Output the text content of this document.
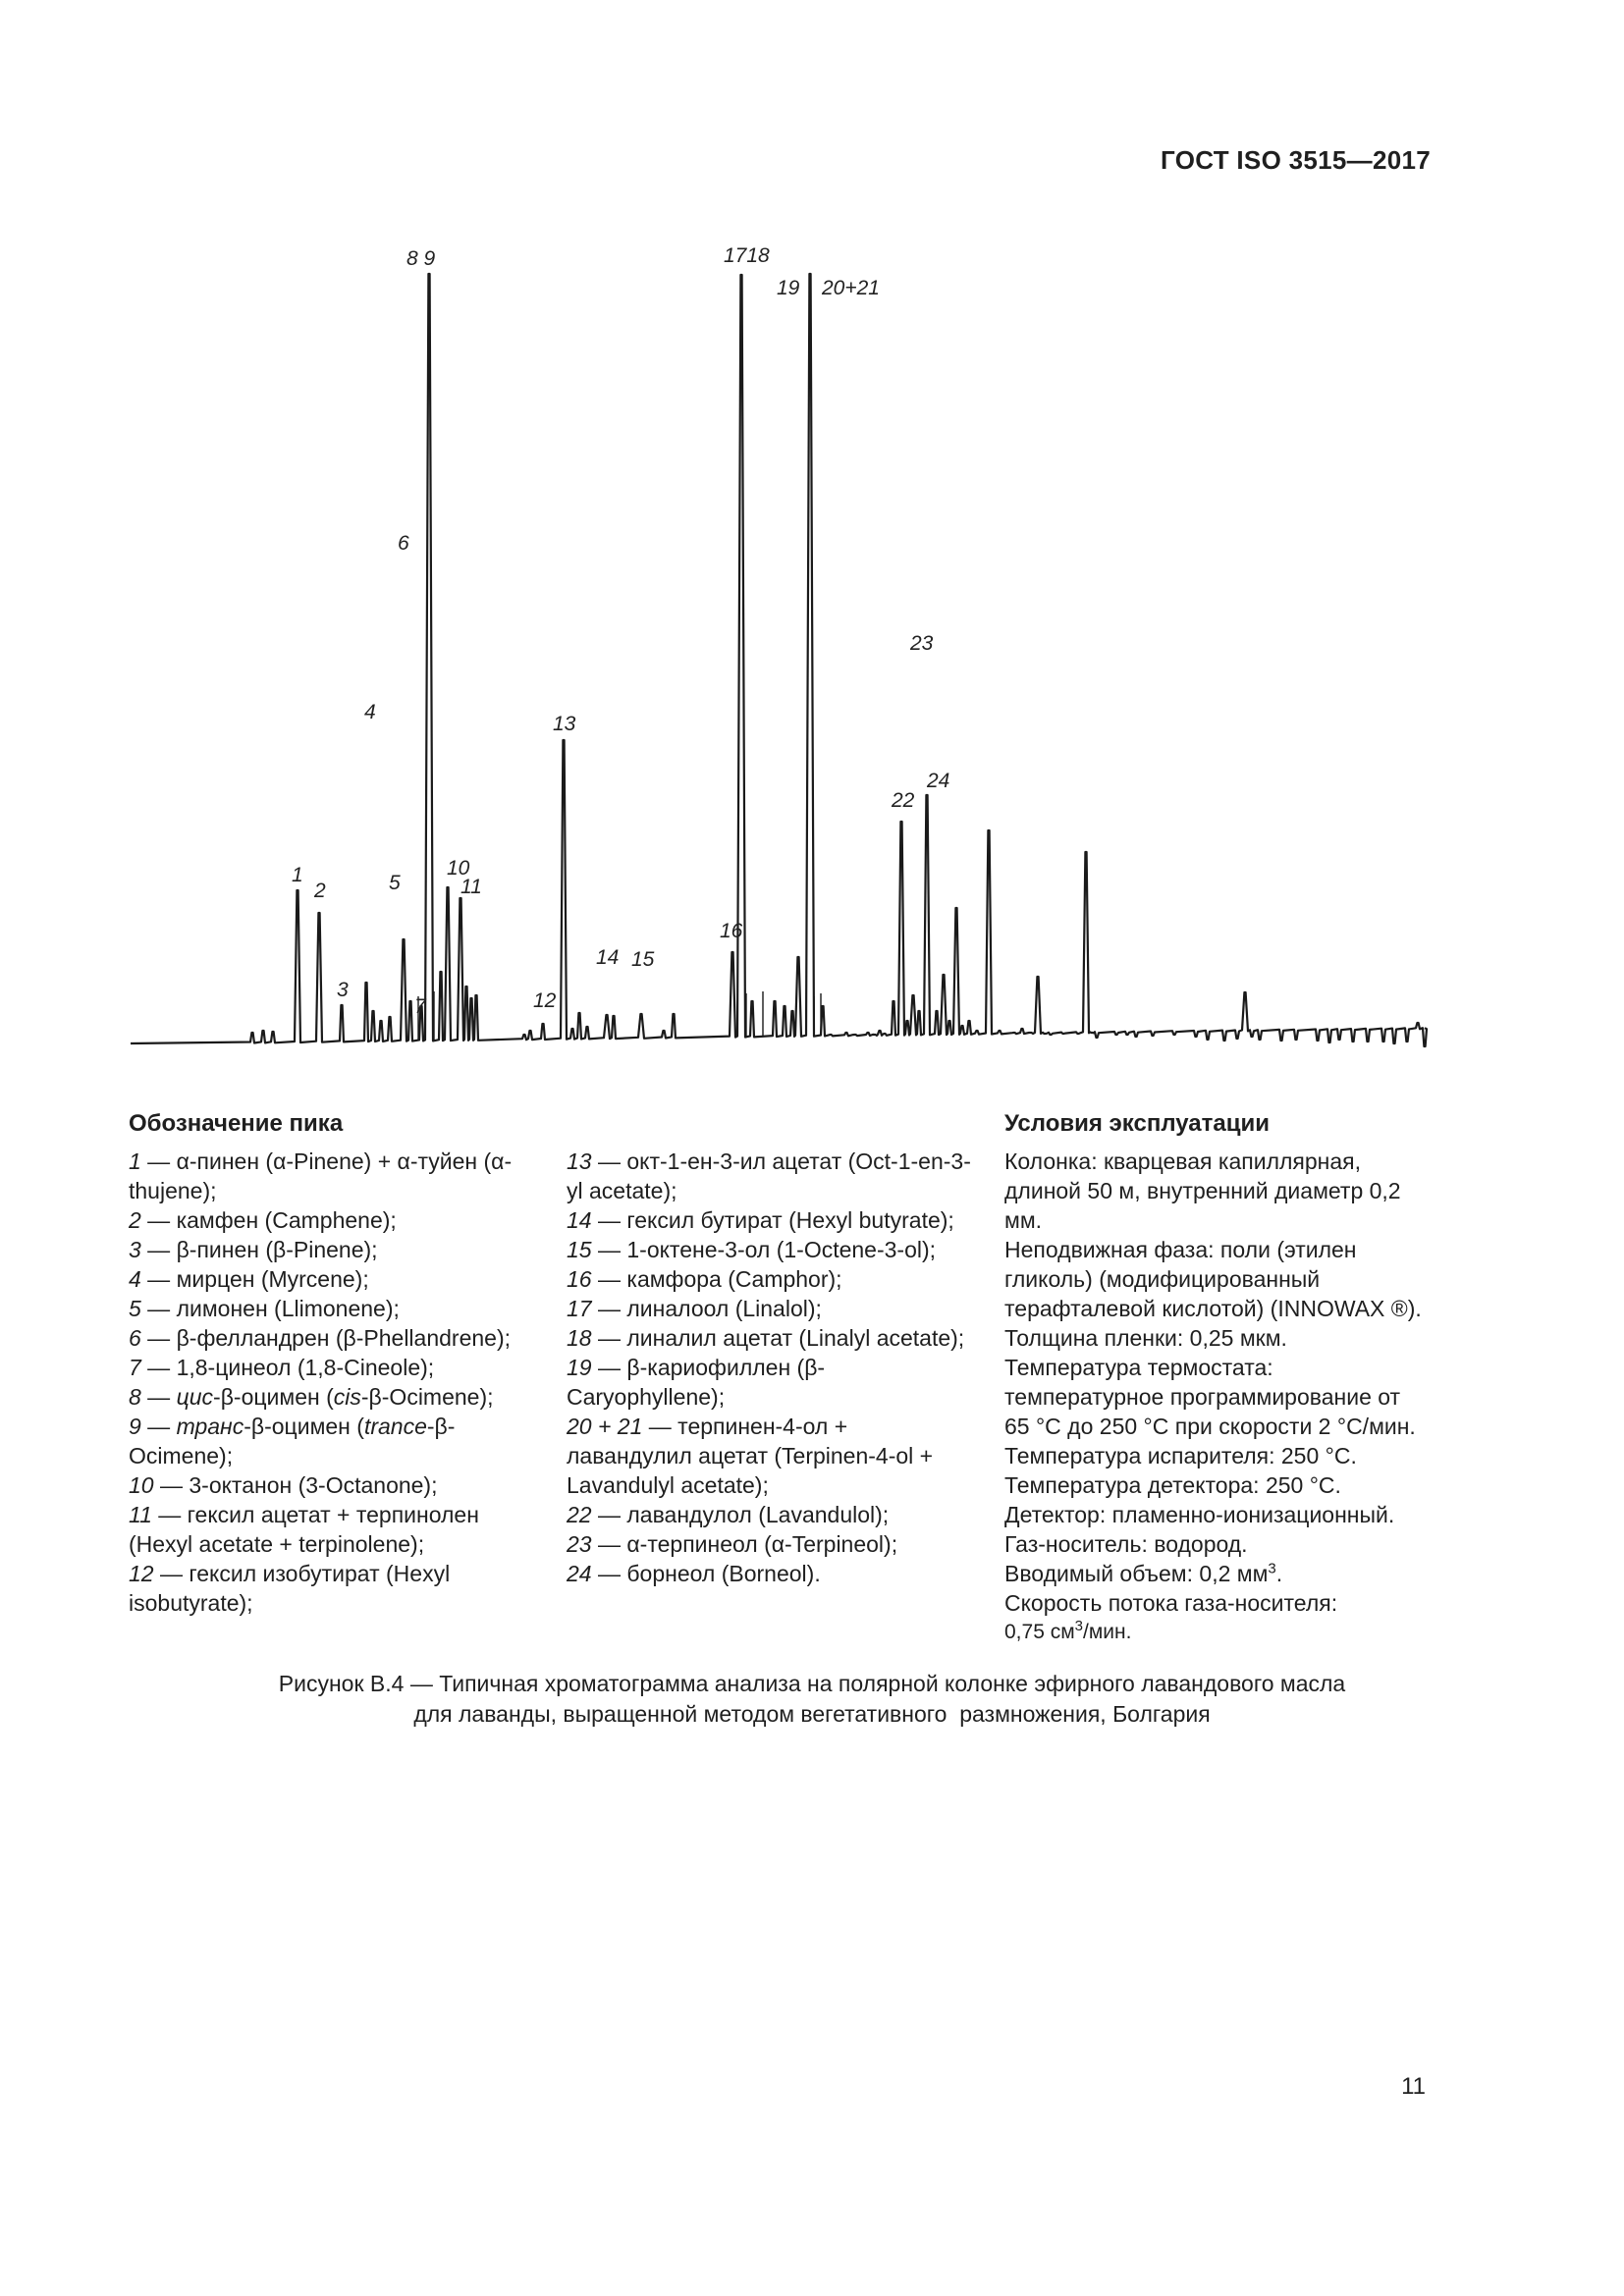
ГОСТ ISO 3515—2017
8 9	1718
19 20+21
6
23
4
13
22
24
10
1
2	5	11
16
14 15
3	12
7
Обозначение пика
1 — α-пинен (α-Pinene) + α-туйен (α-thujene);
2 — камфен (Camphene);
3 — β-пинен (β-Pinene);
4 — мирцен (Myrcene);
5 — лимонен (Llimonene);
6 — β-феллaндрен (β-Phellandrene);
7 — 1,8-цинеол (1,8-Cineole);
8 — цис-β-оцимен (cis-β-Ocimene);
9 — транс-β-оцимен (trance-β-Ocimene);
10 — 3-октанон (3-Octanone);
11 — гексил ацетат + терпинолен (Hexyl acetate + terpinolene);
12 — гексил изобутират (Hexyl isobutyrate);
13 — окт-1-ен-3-ил ацетат (Oct-1-en-3-yl acetate);
14 — гексил бутират (Hexyl butyrate);
15 — 1-октене-3-ол (1-Octene-3-ol);
16 — камфора (Camphor);
17 — линалоол (Linalol);
18 — линалил ацетат (Linalyl acetate);
19 — β-кариофиллен (β-Caryophyllene);
20 + 21 — терпинен-4-ол + лавандулил ацетат (Terpinen-4-ol + Lavandulyl acetate);
22 — лавандулол (Lavandulol);
23 — α-терпинеол (α-Terpineol);
24 — борнеол (Borneol).
Условия эксплуатации
Колонка: кварцевая капиллярная, длиной 50 м, внутренний диаметр 0,2 мм.
Неподвижная фаза: поли (этилен гликоль) (модифицированный терафталевой кислотой) (INNOWAX ®).
Толщина пленки: 0,25 мкм.
Температура термостата: температурное программирование от 65 °С до 250 °С при скорости 2 °С/мин.
Температура испарителя: 250 °С.
Температура детектора: 250 °С.
Детектор: пламенно-ионизационный.
Газ-носитель: водород.
Вводимый объем: 0,2 $мм^3$.
Скорость потока газа-носителя:
0,75 $см^3$/мин.
Рисунок В.4 — Типичная хроматограмма анализа на полярной колонке эфирного лавандового масла
для лаванды, выращенной методом вегетативного  размножения, Болгария
11
